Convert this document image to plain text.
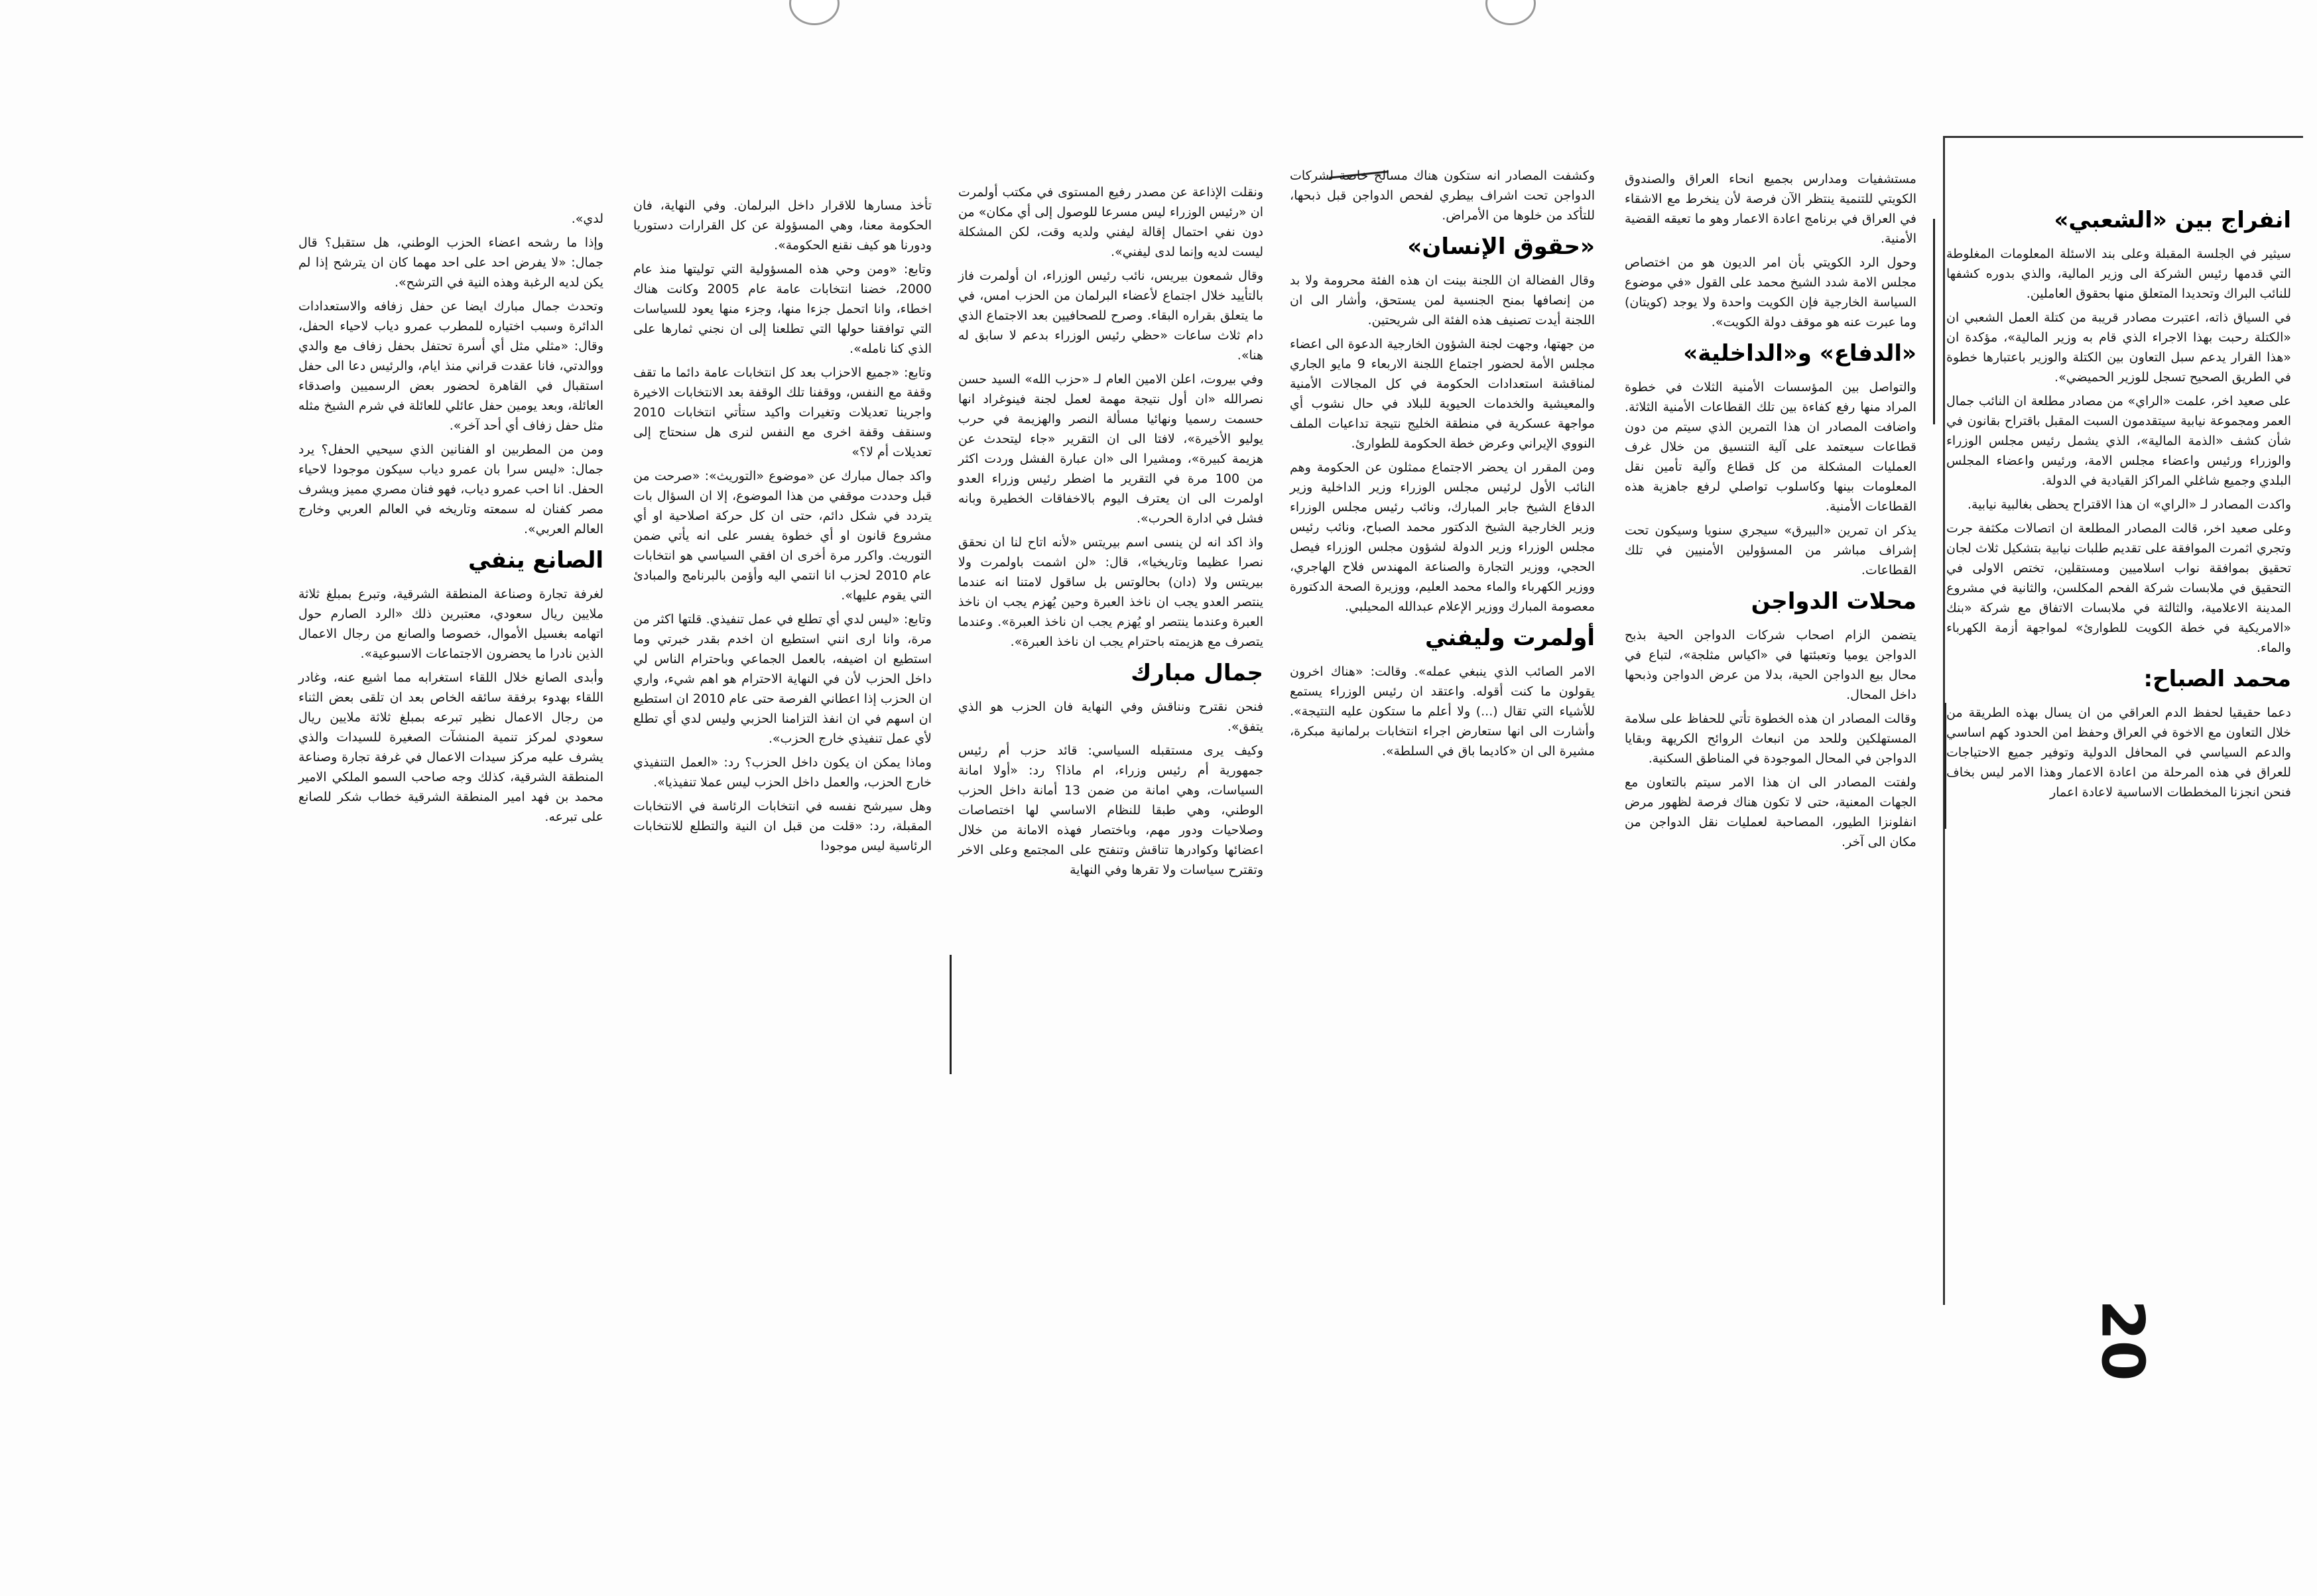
انفراج بين «الشعبي»

سيثير في الجلسة المقبلة وعلى بند الاسئلة المعلومات المغلوطة التي قدمها رئيس الشركة الى وزير المالية، والذي بدوره كشفها للنائب البراك وتحديدا المتعلق منها بحقوق العاملين.

في السياق ذاته، اعتبرت مصادر قريبة من كتلة العمل الشعبي ان «الكتلة رحبت بهذا الاجراء الذي قام به وزير المالية»، مؤكدة ان «هذا القرار يدعم سبل التعاون بين الكتلة والوزير باعتبارها خطوة في الطريق الصحيح تسجل للوزير الحميضي».

على صعيد اخر، علمت «الراي» من مصادر مطلعة ان النائب جمال العمر ومجموعة نيابية سيتقدمون السبت المقبل باقتراح بقانون في شأن كشف «الذمة المالية»، الذي يشمل رئيس مجلس الوزراء والوزراء ورئيس واعضاء مجلس الامة، ورئيس واعضاء المجلس البلدي وجميع شاغلي المراكز القيادية في الدولة.

واكدت المصادر لـ «الراي» ان هذا الاقتراح يحظى بغالبية نيابية.

وعلى صعيد اخر، قالت المصادر المطلعة ان اتصالات مكثفة جرت وتجري اثمرت الموافقة على تقديم طلبات نيابية بتشكيل ثلاث لجان تحقيق بموافقة نواب اسلاميين ومستقلين، تختص الاولى في التحقيق في ملابسات شركة الفحم المكلسن، والثانية في مشروع المدينة الاعلامية، والثالثة في ملابسات الاتفاق مع شركة «بنك «الامريكية في خطة الكويت للطوارئ» لمواجهة أزمة الكهرباء والماء.

محمد الصباح:

دعما حقيقيا لحفظ الدم العراقي من ان يسال بهذه الطريقة من خلال التعاون مع الاخوة في العراق وحفظ امن الحدود كهم اساسي والدعم السياسي في المحافل الدولية وتوفير جميع الاحتياجات للعراق في هذه المرحلة من اعادة الاعمار وهذا الامر ليس بخاف فنحن انجزنا المخططات الاساسية لاعادة اعمار

مستشفيات ومدارس بجميع انحاء العراق والصندوق الكويتي للتنمية ينتظر الآن فرصة لأن ينخرط مع الاشقاء في العراق في برنامج اعادة الاعمار وهو ما تعيقه القضية الأمنية.

وحول الرد الكويتي بأن امر الديون هو من اختصاص مجلس الامة شدد الشيخ محمد على القول «في موضوع السياسة الخارجية فإن الكويت واحدة ولا يوجد (كويتان) وما عبرت عنه هو موقف دولة الكويت».

«الدفاع» و«الداخلية»

والتواصل بين المؤسسات الأمنية الثلاث في خطوة المراد منها رفع كفاءة بين تلك القطاعات الأمنية الثلاثة. واضافت المصادر ان هذا التمرين الذي سيتم من دون قطاعات سيعتمد على آلية التنسيق من خلال غرف العمليات المشكلة من كل قطاع وآلية تأمين نقل المعلومات بينها وكاسلوب تواصلي لرفع جاهزية هذه القطاعات الأمنية.

يذكر ان تمرين «البيرق» سيجري سنويا وسيكون تحت إشراف مباشر من المسؤولين الأمنيين في تلك القطاعات.

محلات الدواجن

يتضمن الزام اصحاب شركات الدواجن الحية بذبح الدواجن يوميا وتعبئتها في «اكياس مثلجة»، لتباع في محال بيع الدواجن الحية، بدلا من عرض الدواجن وذبحها داخل المحال.

وقالت المصادر ان هذه الخطوة تأتي للحفاظ على سلامة المستهلكين وللحد من انبعاث الروائح الكريهة وبقايا الدواجن في المحال الموجودة في المناطق السكنية.

ولفتت المصادر الى ان هذا الامر سيتم بالتعاون مع الجهات المعنية، حتى لا تكون هناك فرصة لظهور مرض انفلونزا الطيور، المصاحبة لعمليات نقل الدواجن من مكان الى آخر.

وكشفت المصادر انه ستكون هناك مسالخ خاصة لشركات الدواجن تحت اشراف بيطري لفحص الدواجن قبل ذبحها، للتأكد من خلوها من الأمراض.

«حقوق الإنسان»

وقال الفضالة ان اللجنة بينت ان هذه الفئة محرومة ولا بد من إنصافها بمنح الجنسية لمن يستحق، وأشار الى ان اللجنة أيدت تصنيف هذه الفئة الى شريحتين.

من جهتها، وجهت لجنة الشؤون الخارجية الدعوة الى اعضاء مجلس الأمة لحضور اجتماع اللجنة الاربعاء 9 مايو الجاري لمناقشة استعدادات الحكومة في كل المجالات الأمنية والمعيشية والخدمات الحيوية للبلاد في حال نشوب أي مواجهة عسكرية في منطقة الخليج نتيجة تداعيات الملف النووي الإيراني وعرض خطة الحكومة للطوارئ.

ومن المقرر ان يحضر الاجتماع ممثلون عن الحكومة وهم النائب الأول لرئيس مجلس الوزراء وزير الداخلية وزير الدفاع الشيخ جابر المبارك، ونائب رئيس مجلس الوزراء وزير الخارجية الشيخ الدكتور محمد الصباح، ونائب رئيس مجلس الوزراء وزير الدولة لشؤون مجلس الوزراء فيصل الحجي، ووزير التجارة والصناعة المهندس فلاح الهاجري، ووزير الكهرباء والماء محمد العليم، ووزيرة الصحة الدكتورة معصومة المبارك ووزير الإعلام عبدالله المحيلبي.

أولمرت وليفني

الامر الصائب الذي ينبغي عمله». وقالت: «هناك اخرون يقولون ما كنت أقوله. واعتقد ان رئيس الوزراء يستمع للأشياء التي تقال (...) ولا أعلم ما ستكون عليه النتيجة». وأشارت الى انها ستعارض اجراء انتخابات برلمانية مبكرة، مشيرة الى ان «كاديما باق في السلطة».

ونقلت الإذاعة عن مصدر رفيع المستوى في مكتب أولمرت ان «رئيس الوزراء ليس مسرعا للوصول إلى أي مكان» من دون نفي احتمال إقالة ليفني ولديه وقت، لكن المشكلة ليست لديه وإنما لدى ليفني».

وقال شمعون بيريس، نائب رئيس الوزراء، ان أولمرت فاز بالتأييد خلال اجتماع لأعضاء البرلمان من الحزب امس، في ما يتعلق بقراره البقاء. وصرح للصحافيين بعد الاجتماع الذي دام ثلاث ساعات «حظي رئيس الوزراء بدعم لا سابق له هنا».

وفي بيروت، اعلن الامين العام لـ «حزب الله» السيد حسن نصرالله «ان أول نتيجة مهمة لعمل لجنة فينوغراد انها حسمت رسميا ونهائيا مسألة النصر والهزيمة في حرب يوليو الأخيرة»، لافتا الى ان التقرير «جاء ليتحدث عن هزيمة كبيرة»، ومشيرا الى «ان عبارة الفشل وردت اكثر من 100 مرة في التقرير ما اضطر رئيس وزراء العدو اولمرت الى ان يعترف اليوم بالاخفاقات الخطيرة وبانه فشل في ادارة الحرب».

واذ اكد انه لن ينسى اسم بيريتس «لأنه اتاح لنا ان نحقق نصرا عظيما وتاريخيا»، قال: «لن اشمت باولمرت ولا بيريتس ولا (دان) بحالوتس بل ساقول لامتنا انه عندما ينتصر العدو يجب ان ناخذ العبرة وحين يُهزم يجب ان ناخذ العبرة وعندما ينتصر او يُهزم يجب ان ناخذ العبرة». وعندما يتصرف مع هزيمته باحترام يجب ان ناخذ العبرة».

جمال مبارك

فنحن نقترح ونناقش وفي النهاية فان الحزب هو الذي يتفق».

وكيف يرى مستقبله السياسي: قائد حزب أم رئيس جمهورية أم رئيس وزراء، ام ماذا؟ رد: «أولا امانة السياسات، وهي امانة من ضمن 13 أمانة داخل الحزب الوطني، وهي طبقا للنظام الاساسي لها اختصاصات وصلاحيات ودور مهم، وباختصار فهذه الامانة من خلال اعضائها وكوادرها تناقش وتنفتح على المجتمع وعلى الاخر وتقترح سياسات ولا تقرها وفي النهاية

تأخذ مسارها للاقرار داخل البرلمان. وفي النهاية، فان الحكومة معنا، وهي المسؤولة عن كل القرارات دستوريا ودورنا هو كيف نقنع الحكومة».

وتابع: «ومن وحي هذه المسؤولية التي توليتها منذ عام 2000، خضنا انتخابات عامة عام 2005 وكانت هناك اخطاء، وانا اتحمل جزءا منها، وجزء منها يعود للسياسات التي توافقنا حولها التي تطلعنا إلى ان نجني ثمارها على الذي كنا نامله».

وتابع: «جميع الاحزاب بعد كل انتخابات عامة دائما ما تقف وقفة مع النفس، ووقفنا تلك الوقفة بعد الانتخابات الاخيرة واجرينا تعديلات وتغيرات واكيد ستأتي انتخابات 2010 وسنقف وقفة اخرى مع النفس لنرى هل سنحتاج إلى تعديلات أم لا؟»

واكد جمال مبارك عن «موضوع «التوريث»: «صرحت من قبل وحددت موقفي من هذا الموضوع، إلا ان السؤال بات يتردد في شكل دائم، حتى ان كل حركة اصلاحية او أي مشروع قانون او أي خطوة يفسر على انه يأتي ضمن التوريث. واكرر مرة أخرى ان افقي السياسي هو انتخابات عام 2010 لحزب انا انتمي اليه وأؤمن بالبرنامج والمبادئ التي يقوم عليها».

وتابع: «ليس لدي أي تطلع في عمل تنفيذي. قلتها اكثر من مرة، وانا ارى انني استطيع ان اخدم بقدر خبرتي وما استطيع ان اضيفه، بالعمل الجماعي وباحترام الناس لي داخل الحزب لأن في النهاية الاحترام هو اهم شيء، واري ان الحزب إذا اعطاني الفرصة حتى عام 2010 ان استطيع ان اسهم في ان انفذ التزامنا الحزبي وليس لدي أي تطلع لأي عمل تنفيذي خارج الحزب».

وماذا يمكن ان يكون داخل الحزب؟ رد: «العمل التنفيذي خارج الحزب، والعمل داخل الحزب ليس عملا تنفيذيا».

وهل سيرشح نفسه في انتخابات الرئاسة في الانتخابات المقبلة، رد: «قلت من قبل ان النية والتطلع للانتخابات الرئاسية ليس موجودا

لدي».

وإذا ما رشحه اعضاء الحزب الوطني، هل ستقبل؟ قال جمال: «لا يفرض احد على احد مهما كان ان يترشح إذا لم يكن لديه الرغبة وهذه النية في الترشح».

وتحدث جمال مبارك ايضا عن حفل زفافه والاستعدادات الدائرة وسبب اختياره للمطرب عمرو دياب لاحياء الحفل، وقال: «مثلي مثل أي أسرة تحتفل بحفل زفاف مع والدي ووالدتي، فانا عقدت قراني منذ ايام، والرئيس دعا الى حفل استقبال في القاهرة لحضور بعض الرسميين واصدقاء العائلة، وبعد يومين حفل عائلي للعائلة في شرم الشيخ مثله مثل حفل زفاف أي أحد آخر».

ومن من المطربين او الفنانين الذي سيحيي الحفل؟ يرد جمال: «ليس سرا بان عمرو دياب سيكون موجودا لاحياء الحفل. انا احب عمرو دياب، فهو فنان مصري مميز ويشرف مصر كفنان له سمعته وتاريخه في العالم العربي وخارج العالم العربي».

الصانع ينفي

لغرفة تجارة وصناعة المنطقة الشرقية، وتبرع بمبلغ ثلاثة ملايين ريال سعودي، معتبرين ذلك «الرد الصارم حول اتهامه بغسيل الأموال، خصوصا والصانع من رجال الاعمال الذين نادرا ما يحضرون الاجتماعات الاسبوعية».

وأبدى الصانع خلال اللقاء استغرابه مما اشيع عنه، وغادر اللقاء بهدوء برفقة سائقه الخاص بعد ان تلقى بعض الثناء من رجال الاعمال نظير تبرعه بمبلغ ثلاثة ملايين ريال سعودي لمركز تنمية المنشآت الصغيرة للسيدات والذي يشرف عليه مركز سيدات الاعمال في غرفة تجارة وصناعة المنطقة الشرقية، كذلك وجه صاحب السمو الملكي الامير محمد بن فهد امير المنطقة الشرقية خطاب شكر للصانع على تبرعه.

20
